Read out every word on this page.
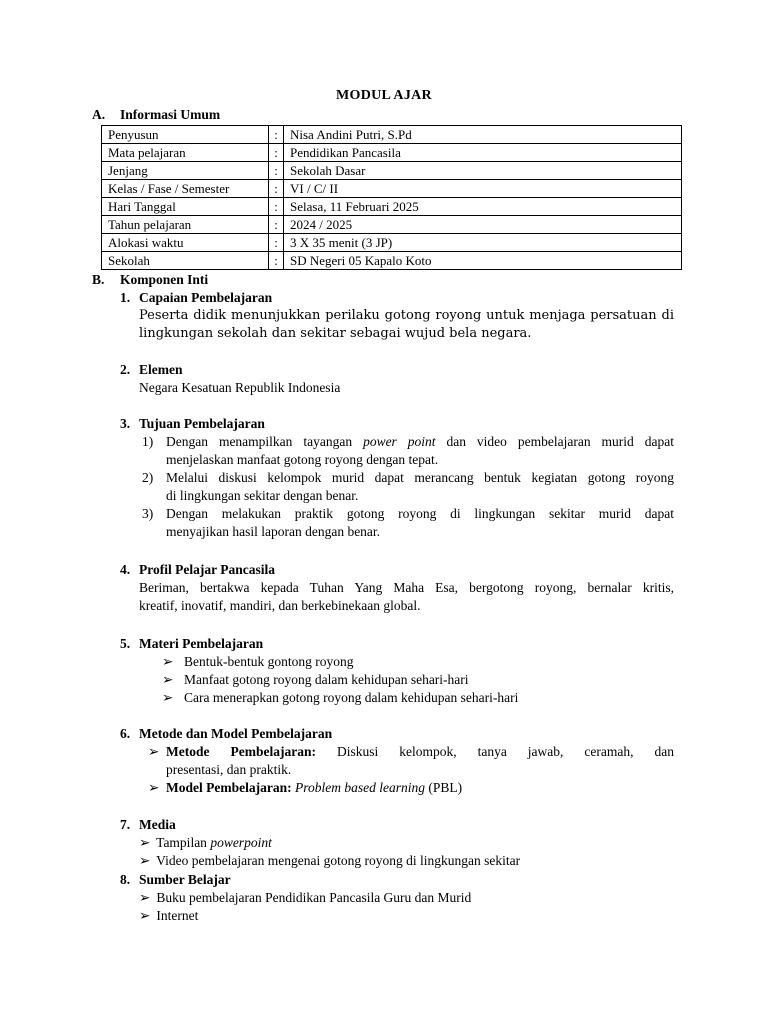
MODUL AJAR
A. Informasi Umum
Penyusun	:	Nisa Andini Putri, S.Pd
Mata pelajaran	:	Pendidikan Pancasila
Jenjang	:	Sekolah Dasar
Kelas / Fase / Semester	:	VI / C/ II
Hari Tanggal	:	Selasa, 11 Februari 2025
Tahun pelajaran	:	2024 / 2025
Alokasi waktu	:	3 X 35 menit (3 JP)
Sekolah	:	SD Negeri 05 Kapalo Koto
B. Komponen Inti
1. Capaian Pembelajaran
Peserta didik menunjukkan perilaku gotong royong untuk menjaga persatuan di lingkungan sekolah dan sekitar sebagai wujud bela negara.
2. Elemen
Negara Kesatuan Republik Indonesia
3. Tujuan Pembelajaran
1) Dengan menampilkan tayangan power point dan video pembelajaran murid dapat
menjelaskan manfaat gotong royong dengan tepat.
2) Melalui diskusi kelompok murid dapat merancang bentuk kegiatan gotong royong
di lingkungan sekitar dengan benar.
3) Dengan melakukan praktik gotong royong di lingkungan sekitar murid dapat
menyajikan hasil laporan dengan benar.
4. Profil Pelajar Pancasila
Beriman, bertakwa kepada Tuhan Yang Maha Esa, bergotong royong, bernalar kritis,
kreatif, inovatif, mandiri, dan berkebinekaan global.
5. Materi Pembelajaran
➢ Bentuk-bentuk gontong royong
➢ Manfaat gotong royong dalam kehidupan sehari-hari
➢ Cara menerapkan gotong royong dalam kehidupan sehari-hari
6. Metode dan Model Pembelajaran
➢ Metode Pembelajaran: Diskusi kelompok, tanya jawab, ceramah, dan
presentasi, dan praktik.
➢ Model Pembelajaran: Problem based learning (PBL)
7. Media
➢ Tampilan powerpoint
➢ Video pembelajaran mengenai gotong royong di lingkungan sekitar
8. Sumber Belajar
➢ Buku pembelajaran Pendidikan Pancasila Guru dan Murid
➢ Internet
